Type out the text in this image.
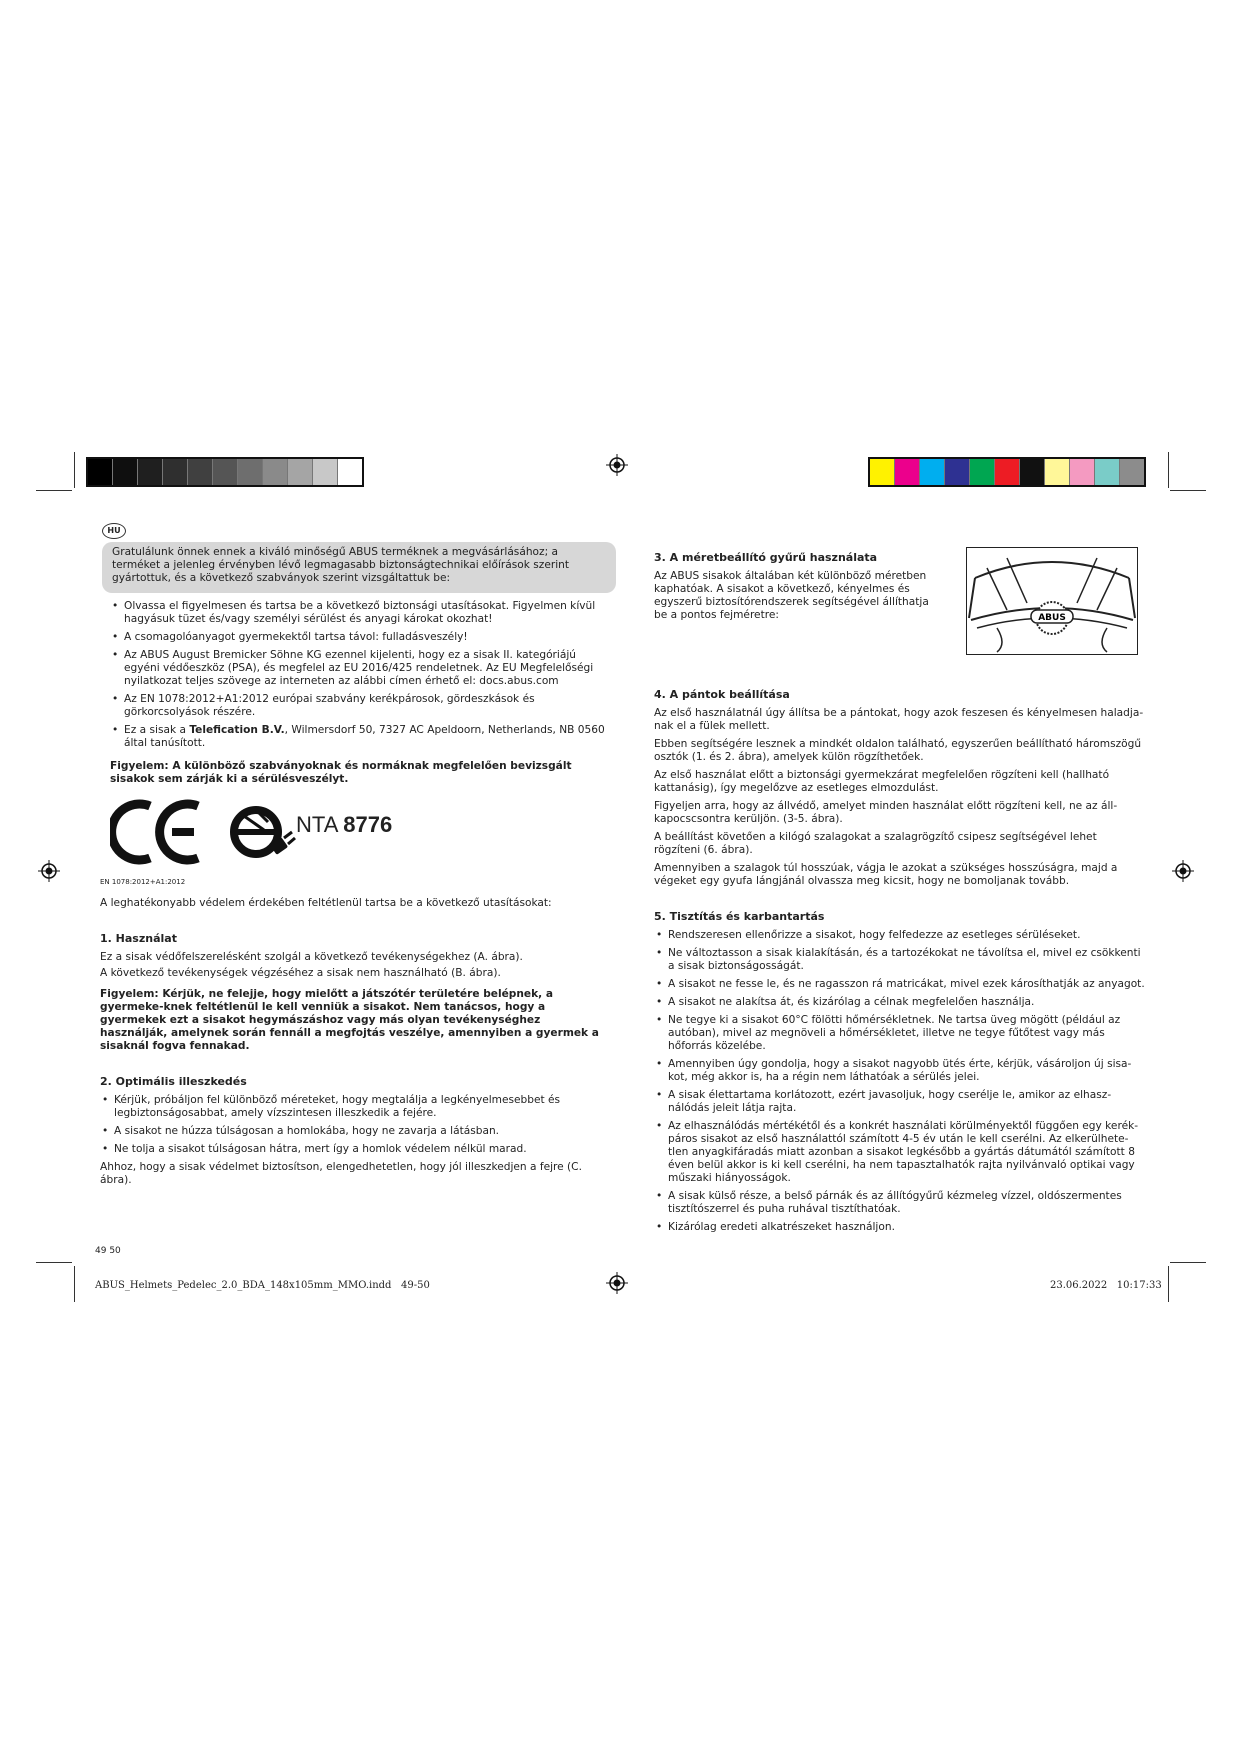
HU
Gratulálunk önnek ennek a kiváló minőségű ABUS terméknek a megvásárlásához; a terméket a jelenleg érvényben lévő legmagasabb biztonságtechnikai előírások szerint gyártottuk, és a következő szabványok szerint vizsgáltattuk be:
• Olvassa el figyelmesen és tartsa be a következő biztonsági utasításokat. Figyelmen kívül hagyásuk tüzet és/vagy személyi sérülést és anyagi károkat okozhat!
• A csomagolóanyagot gyermekektől tartsa távol: fulladásveszély!
• Az ABUS August Bremicker Söhne KG ezennel kijelenti, hogy ez a sisak II. kategóriájú egyéni védőeszköz (PSA), és megfelel az EU 2016/425 rendeletnek. Az EU Megfelelőségi nyilatkozat teljes szövege az interneten az alábbi címen érhető el: docs.abus.com
• Az EN 1078:2012+A1:2012 európai szabvány kerékpárosok, gördeszkások és görkorcsolyások részére.
• Ez a sisak a Telefication B.V., Wilmersdorf 50, 7327 AC Apeldoorn, Netherlands, NB 0560 által tanúsított.

Figyelem: A különböző szabványoknak és normáknak megfelelően bevizsgált sisakok sem zárják ki a sérülésveszélyt.

NTA 8776
EN 1078:2012+A1:2012

A leghatékonyabb védelem érdekében feltétlenül tartsa be a következő utasításokat:

1. Használat

Ez a sisak védőfelszerelésként szolgál a következő tevékenységekhez (A. ábra).

A következő tevékenységek végzéséhez a sisak nem használható (B. ábra).

Figyelem: Kérjük, ne felejje, hogy mielőtt a játszótér területére belépnek, a gyermeke-knek feltétlenül le kell venniük a sisakot. Nem tanácsos, hogy a gyermekek ezt a sisakot hegymászáshoz vagy más olyan tevékenységhez használják, amelynek során fennáll a megfojtás veszélye, amennyiben a gyermek a sisaknál fogva fennakad.

2. Optimális illeszkedés
• Kérjük, próbáljon fel különböző méreteket, hogy megtalálja a legkényelmesebbet és legbiztonságosabbat, amely vízszintesen illeszkedik a fejére.
• A sisakot ne húzza túlságosan a homlokába, hogy ne zavarja a látásban.
• Ne tolja a sisakot túlságosan hátra, mert így a homlok védelem nélkül marad.

Ahhoz, hogy a sisak védelmet biztosítson, elengedhetetlen, hogy jól illeszkedjen a fejre (C. ábra).

3. A méretbeállító gyűrű használata

Az ABUS sisakok általában két különböző méretben kaphatóak. A sisakot a következő, kényelmes és egyszerű biztosítórendszerek segítségével állíthatja be a pontos fejméretre:

4. A pántok beállítása

Az első használatnál úgy állítsa be a pántokat, hogy azok feszesen és kényelmesen haladja-nak el a fülek mellett.

Ebben segítségére lesznek a mindkét oldalon található, egyszerűen beállítható háromszögű osztók (1. és 2. ábra), amelyek külön rögzíthetőek.

Az első használat előtt a biztonsági gyermekzárat megfelelően rögzíteni kell (hallható kattanásig), így megelőzve az esetleges elmozdulást.

Figyeljen arra, hogy az állvédő, amelyet minden használat előtt rögzíteni kell, ne az áll-kapocscsontra kerüljön. (3-5. ábra).

A beállítást követően a kilógó szalagokat a szalagrögzítő csipesz segítségével lehet rögzíteni (6. ábra).

Amennyiben a szalagok túl hosszúak, vágja le azokat a szükséges hosszúságra, majd a végeket egy gyufa lángjánál olvassza meg kicsit, hogy ne bomoljanak tovább.

5. Tisztítás és karbantartás
• Rendszeresen ellenőrizze a sisakot, hogy felfedezze az esetleges sérüléseket.
• Ne változtasson a sisak kialakításán, és a tartozékokat ne távolítsa el, mivel ez csökkenti a sisak biztonságosságát.
• A sisakot ne fesse le, és ne ragasszon rá matricákat, mivel ezek károsíthatják az anyagot.
• A sisakot ne alakítsa át, és kizárólag a célnak megfelelően használja.
• Ne tegye ki a sisakot 60°C fölötti hőmérsékletnek. Ne tartsa üveg mögött (például az autóban), mivel az megnöveli a hőmérsékletet, illetve ne tegye fűtőtest vagy más hőforrás közelébe.
• Amennyiben úgy gondolja, hogy a sisakot nagyobb ütés érte, kérjük, vásároljon új sisa-kot, még akkor is, ha a régin nem láthatóak a sérülés jelei.
• A sisak élettartama korlátozott, ezért javasoljuk, hogy cserélje le, amikor az elhasz-nálódás jeleit látja rajta.
• Az elhasználódás mértékétől és a konkrét használati körülményektől függően egy kerék-páros sisakot az első használattól számított 4-5 év után le kell cserélni. Az elkerülhete-tlen anyagkifáradás miatt azonban a sisakot legkésőbb a gyártás dátumától számított 8 éven belül akkor is ki kell cserélni, ha nem tapasztalhatók rajta nyilvánvaló optikai vagy műszaki hiányosságok.
• A sisak külső része, a belső párnák és az állítógyűrű kézmeleg vízzel, oldószermentes tisztítószerrel és puha ruhával tisztíthatóak.
• Kizárólag eredeti alkatrészeket használjon.
ABUS
49 50
ABUS_Helmets_Pedelec_2.0_BDA_148x105mm_MMO.indd   49-50	23.06.2022   10:17:33
